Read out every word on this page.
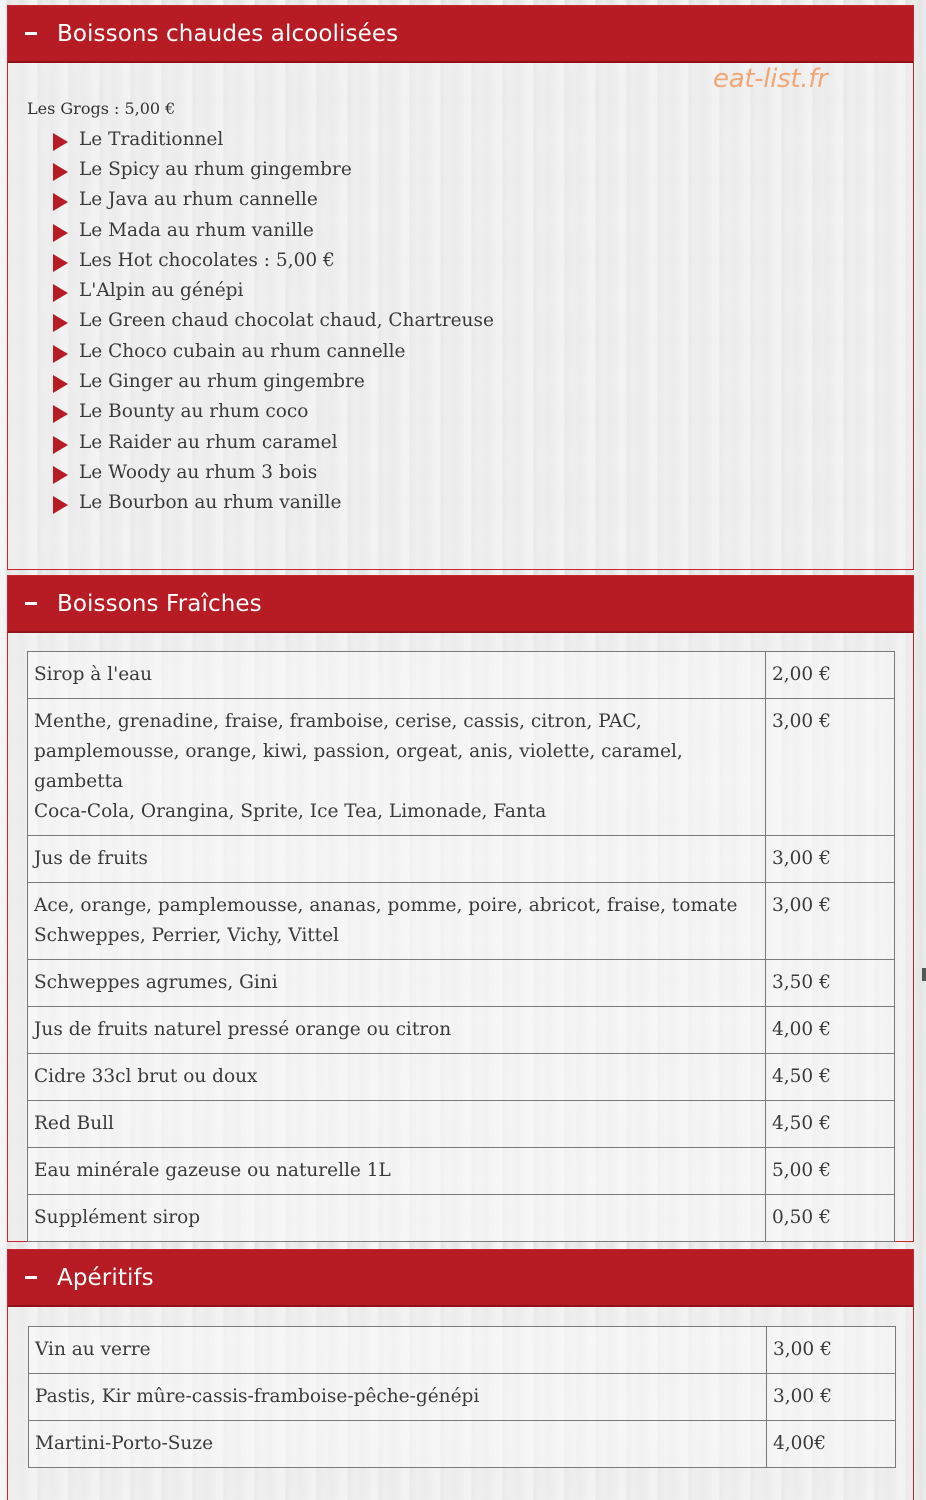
Boissons chaudes alcoolisées
eat-list.fr
Les Grogs : 5,00 €
Le Traditionnel
Le Spicy au rhum gingembre
Le Java au rhum cannelle
Le Mada au rhum vanille
Les Hot chocolates : 5,00 €
L'Alpin au génépi
Le Green chaud chocolat chaud, Chartreuse
Le Choco cubain au rhum cannelle
Le Ginger au rhum gingembre
Le Bounty au rhum coco
Le Raider au rhum caramel
Le Woody au rhum 3 bois
Le Bourbon au rhum vanille
Boissons Fraîches
Sirop à l'eau	2,00 €

Menthe, grenadine, fraise, framboise, cerise, cassis, citron, PAC,
pamplemousse, orange, kiwi, passion, orgeat, anis, violette, caramel,
gambetta
Coca-Cola, Orangina, Sprite, Ice Tea, Limonade, Fanta	3,00 €

Jus de fruits	3,00 €

Ace, orange, pamplemousse, ananas, pomme, poire, abricot, fraise, tomate
Schweppes, Perrier, Vichy, Vittel	3,00 €

Schweppes agrumes, Gini	3,50 €

Jus de fruits naturel pressé orange ou citron	4,00 €

Cidre 33cl brut ou doux	4,50 €

Red Bull	4,50 €

Eau minérale gazeuse ou naturelle 1L	5,00 €

Supplément sirop	0,50 €
Apéritifs
Vin au verre	3,00 €

Pastis, Kir mûre-cassis-framboise-pêche-génépi	3,00 €

Martini-Porto-Suze	4,00€
